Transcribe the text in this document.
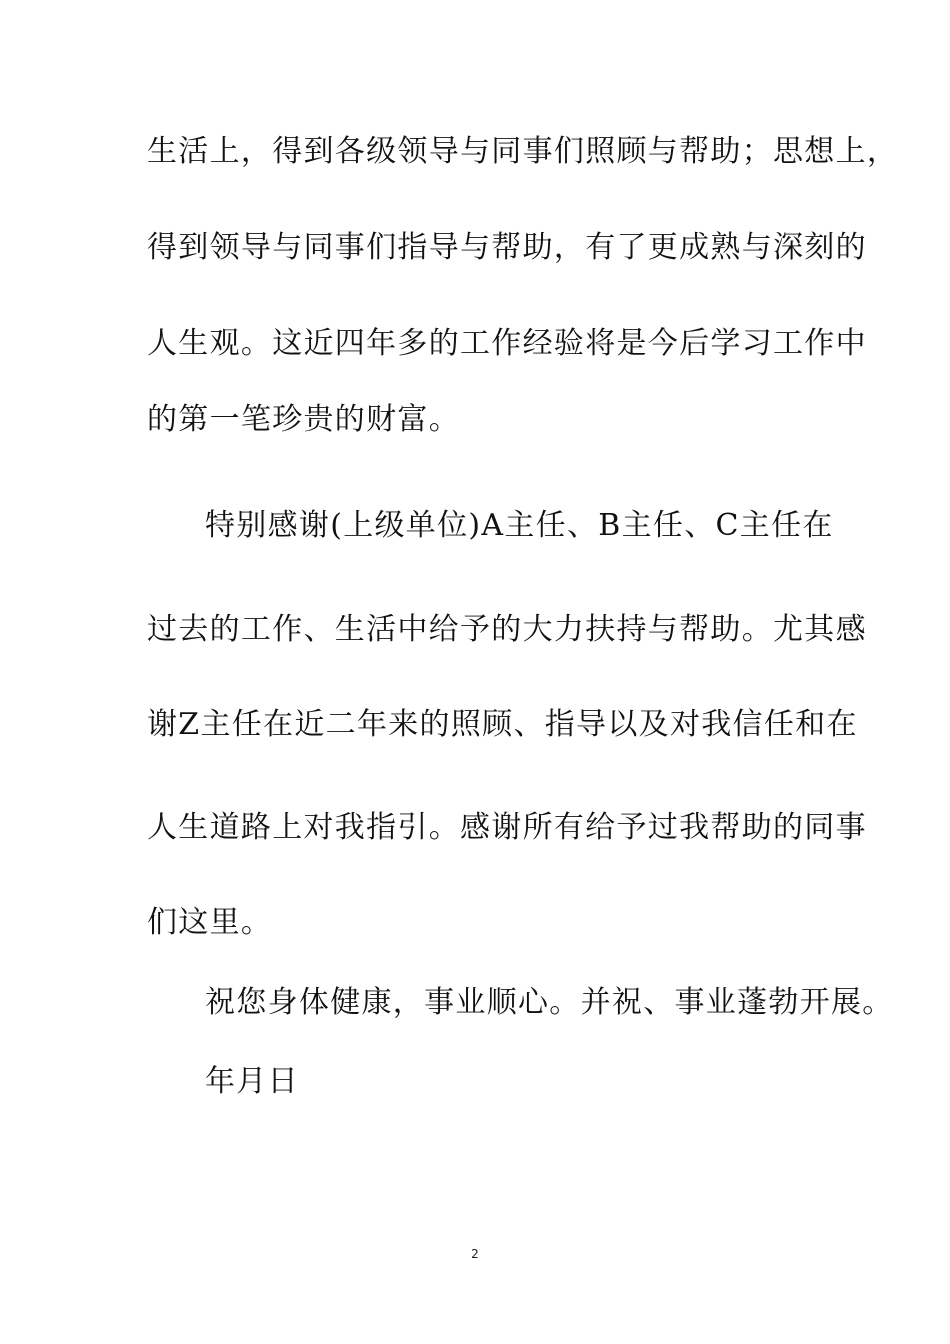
生活上，得到各级领导与同事们照顾与帮助；思想上，
得到领导与同事们指导与帮助，有了更成熟与深刻的
人生观。这近四年多的工作经验将是今后学习工作中
的第一笔珍贵的财富。
特别感谢(上级单位)A主任、B主任、C主任在
过去的工作、生活中给予的大力扶持与帮助。尤其感
谢Z主任在近二年来的照顾、指导以及对我信任和在
人生道路上对我指引。感谢所有给予过我帮助的同事
们这里。
祝您身体健康，事业顺心。并祝、事业蓬勃开展。
年月日
2
